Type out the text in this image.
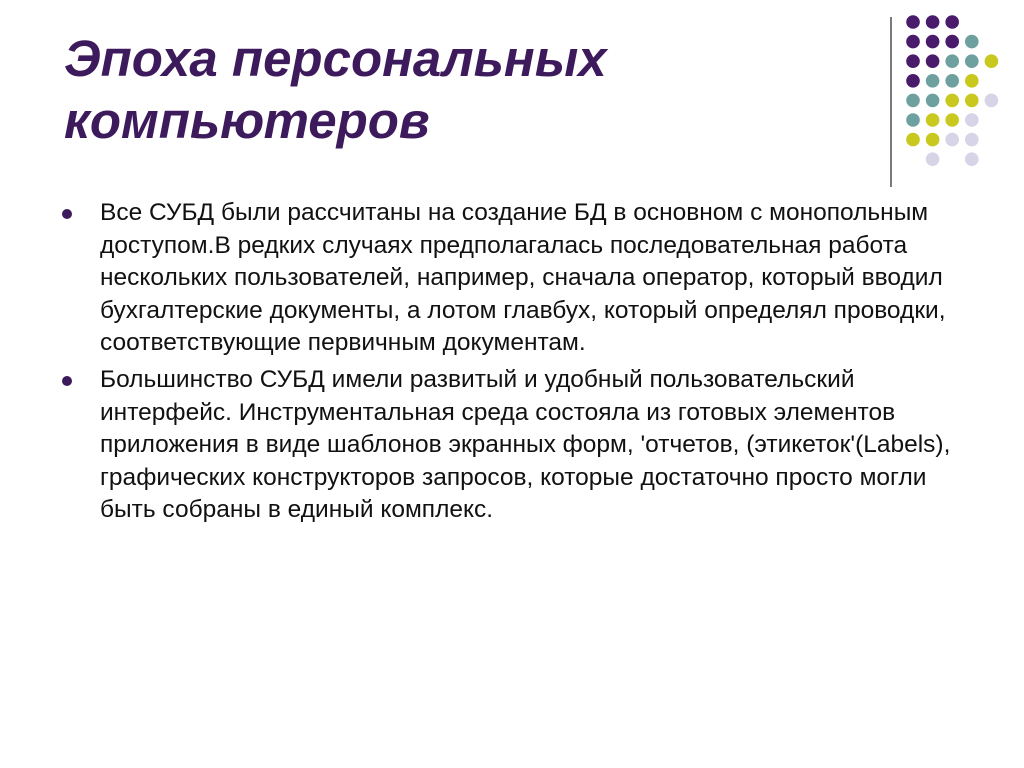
Эпоха персональных компьютеров

Все СУБД были рассчитаны на создание БД в основном с монопольным доступом.В редких случаях предполагалась последовательная работа нескольких пользователей, например, сначала оператор, который вводил бухгалтерские документы, а лотом главбух, который определял проводки, соответствующие первичным документам.

Большинство СУБД имели развитый и удобный пользовательский интерфейс. Инструментальная среда состояла из готовых элементов приложения в виде шаблонов экранных форм, 'отчетов, (этикеток'(Labels), графических конструкторов запросов, которые достаточно просто могли быть собраны в единый комплекс.
